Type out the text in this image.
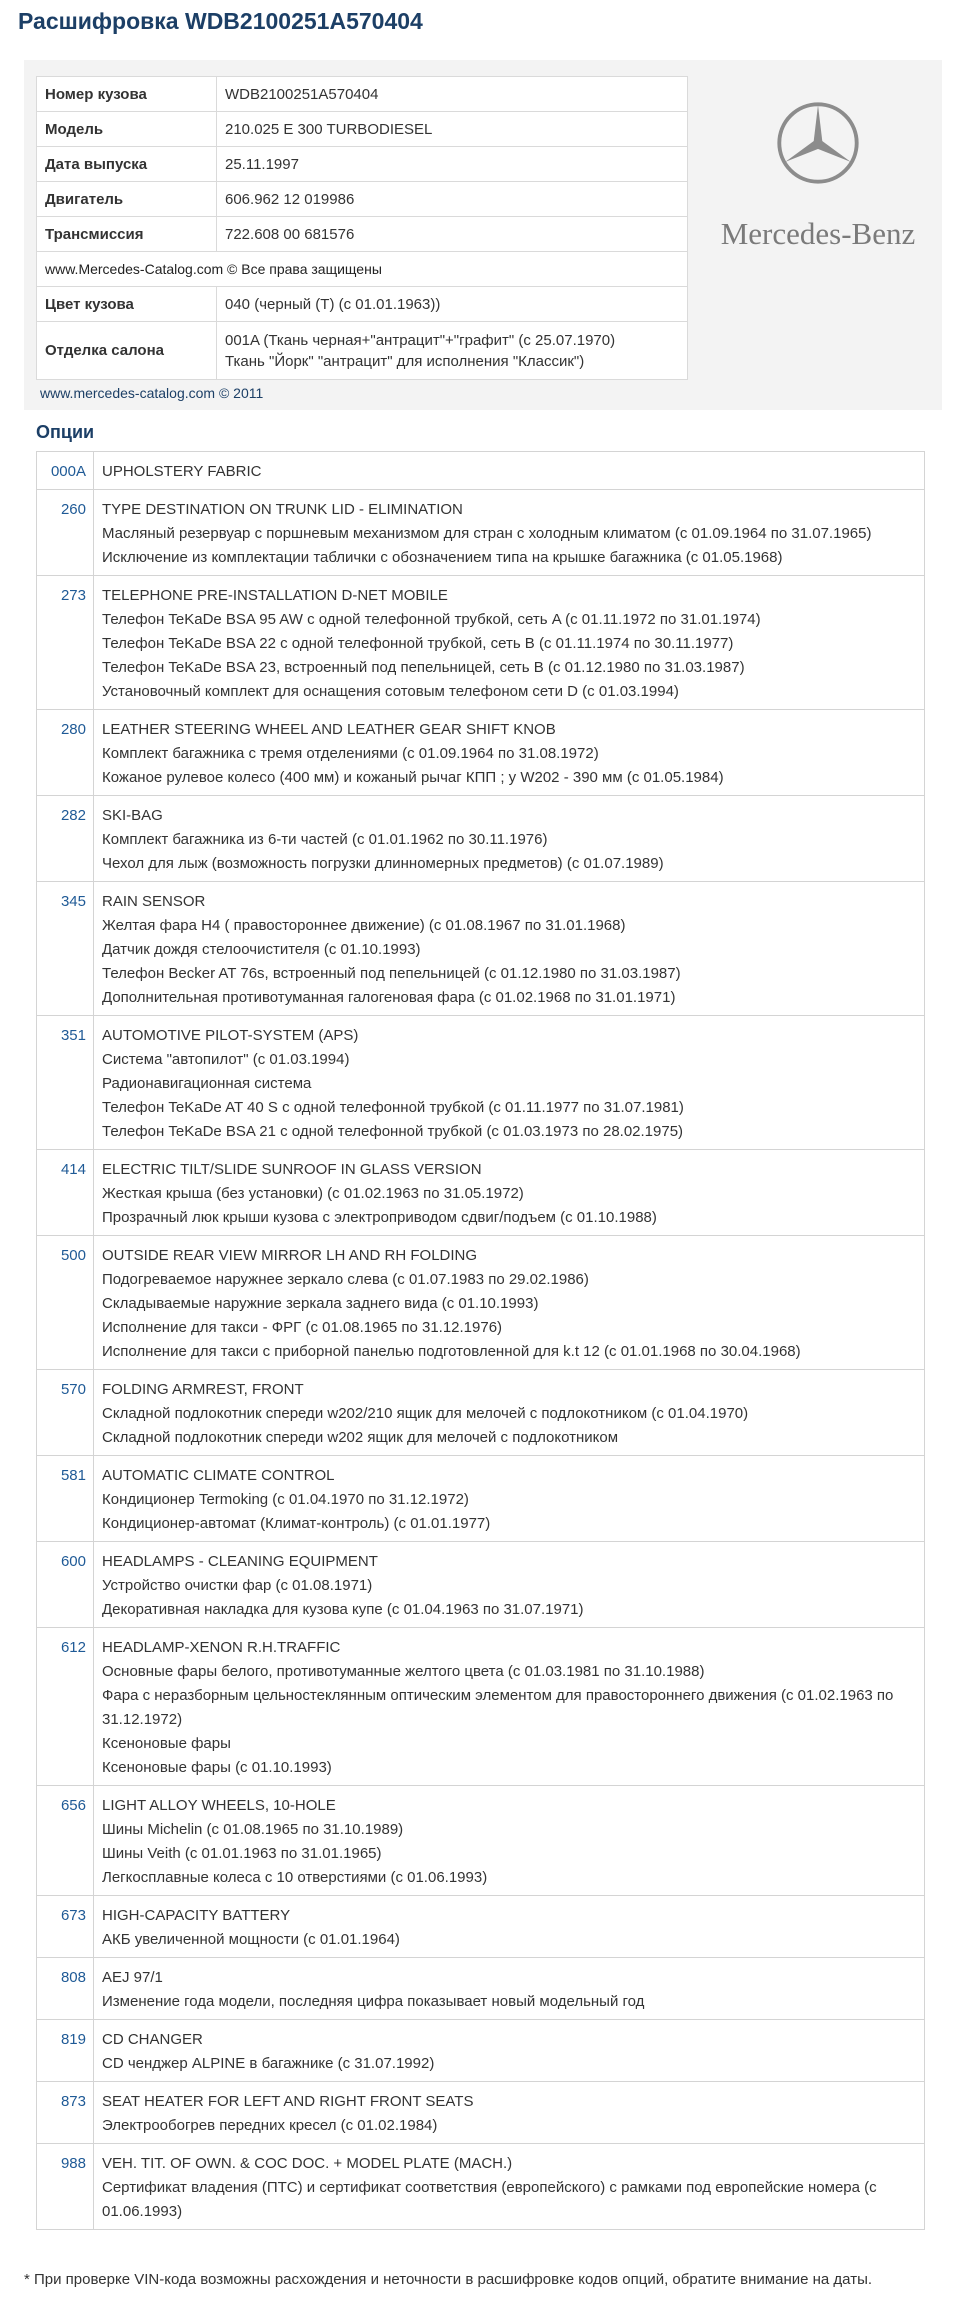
Расшифровка WDB2100251A570404
Номер кузова	WDB2100251A570404
Модель	210.025 E 300 TURBODIESEL
Дата выпуска	25.11.1997
Двигатель	606.962 12 019986
Трансмиссия	722.608 00 681576
www.Mercedes-Catalog.com © Все права защищены	
Цвет кузова	040 (черный (T) (с 01.01.1963))
Отделка салона	001A (Ткань черная+"антрацит"+"графит" (с 25.07.1970)
Ткань "Йорк" "антрацит" для исполнения "Классик")
Mercedes-Benz
www.mercedes-catalog.com © 2011
Опции
000A	UPHOLSTERY FABRIC

260	TYPE DESTINATION ON TRUNK LID - ELIMINATION
Масляный резервуар с поршневым механизмом для стран с холодным климатом (с 01.09.1964 по 31.07.1965)
Исключение из комплектации таблички с обозначением типа на крышке багажника (с 01.05.1968)

273	TELEPHONE PRE-INSTALLATION D-NET MOBILE
Телефон TeKaDe BSA 95 AW с одной телефонной трубкой, сеть A (с 01.11.1972 по 31.01.1974)
Телефон TeKaDe BSA 22 с одной телефонной трубкой, сеть B (с 01.11.1974 по 30.11.1977)
Телефон TeKaDe BSA 23, встроенный под пепельницей, сеть B (с 01.12.1980 по 31.03.1987)
Установочный комплект для оснащения сотовым телефоном сети D (с 01.03.1994)

280	LEATHER STEERING WHEEL AND LEATHER GEAR SHIFT KNOB
Комплект багажника с тремя отделениями (с 01.09.1964 по 31.08.1972)
Кожаное рулевое колесо (400 мм) и кожаный рычаг КПП ; у W202 - 390 мм (с 01.05.1984)

282	SKI-BAG
Комплект багажника из 6-ти частей (с 01.01.1962 по 30.11.1976)
Чехол для лыж (возможность погрузки длинномерных предметов) (с 01.07.1989)

345	RAIN SENSOR
Желтая фара H4 ( правостороннее движение) (с 01.08.1967 по 31.01.1968)
Датчик дождя стелоочистителя (с 01.10.1993)
Телефон Becker AT 76s, встроенный под пепельницей (с 01.12.1980 по 31.03.1987)
Дополнительная противотуманная галогеновая фара (с 01.02.1968 по 31.01.1971)

351	AUTOMOTIVE PILOT-SYSTEM (APS)
Система "автопилот" (с 01.03.1994)
Радионавигационная система
Телефон TeKaDe AT 40 S с одной телефонной трубкой (с 01.11.1977 по 31.07.1981)
Телефон TeKaDe BSA 21 с одной телефонной трубкой (с 01.03.1973 по 28.02.1975)

414	ELECTRIC TILT/SLIDE SUNROOF IN GLASS VERSION
Жесткая крыша (без установки) (с 01.02.1963 по 31.05.1972)
Прозрачный люк крыши кузова с электроприводом сдвиг/подъем (с 01.10.1988)

500	OUTSIDE REAR VIEW MIRROR LH AND RH FOLDING
Подогреваемое наружнее зеркало слева (с 01.07.1983 по 29.02.1986)
Складываемые наружние зеркала заднего вида (с 01.10.1993)
Исполнение для такси - ФРГ (с 01.08.1965 по 31.12.1976)
Исполнение для такси с приборной панелью подготовленной для k.t 12 (с 01.01.1968 по 30.04.1968)

570	FOLDING ARMREST, FRONT
Складной подлокотник спереди w202/210 ящик для мелочей с подлокотником (с 01.04.1970)
Складной подлокотник спереди w202 ящик для мелочей с подлокотником

581	AUTOMATIC CLIMATE CONTROL
Кондиционер Termoking (с 01.04.1970 по 31.12.1972)
Кондиционер-автомат (Климат-контроль) (с 01.01.1977)

600	HEADLAMPS - CLEANING EQUIPMENT
Устройство очистки фар (с 01.08.1971)
Декоративная накладка для кузова купе (с 01.04.1963 по 31.07.1971)

612	HEADLAMP-XENON R.H.TRAFFIC
Основные фары белого, противотуманные желтого цвета (с 01.03.1981 по 31.10.1988)
Фара с неразборным цельностеклянным оптическим элементом для правостороннего движения (с 01.02.1963 по 31.12.1972)
Ксеноновые фары
Ксеноновые фары (с 01.10.1993)

656	LIGHT ALLOY WHEELS, 10-HOLE
Шины Michelin (с 01.08.1965 по 31.10.1989)
Шины Veith (с 01.01.1963 по 31.01.1965)
Легкосплавные колеса с 10 отверстиями (с 01.06.1993)

673	HIGH-CAPACITY BATTERY
АКБ увеличенной мощности (с 01.01.1964)

808	AEJ 97/1
Изменение года модели, последняя цифра показывает новый модельный год

819	CD CHANGER
CD ченджер ALPINE в багажнике (с 31.07.1992)

873	SEAT HEATER FOR LEFT AND RIGHT FRONT SEATS
Электрообогрев передних кресел (с 01.02.1984)

988	VEH. TIT. OF OWN. & COC DOC. + MODEL PLATE (MACH.)
Сертификат владения (ПТС) и сертификат соответствия (европейского) с рамками под европейские номера (с 01.06.1993)

* При проверке VIN-кода возможны расхождения и неточности в расшифровке кодов опций, обратите внимание на даты.
